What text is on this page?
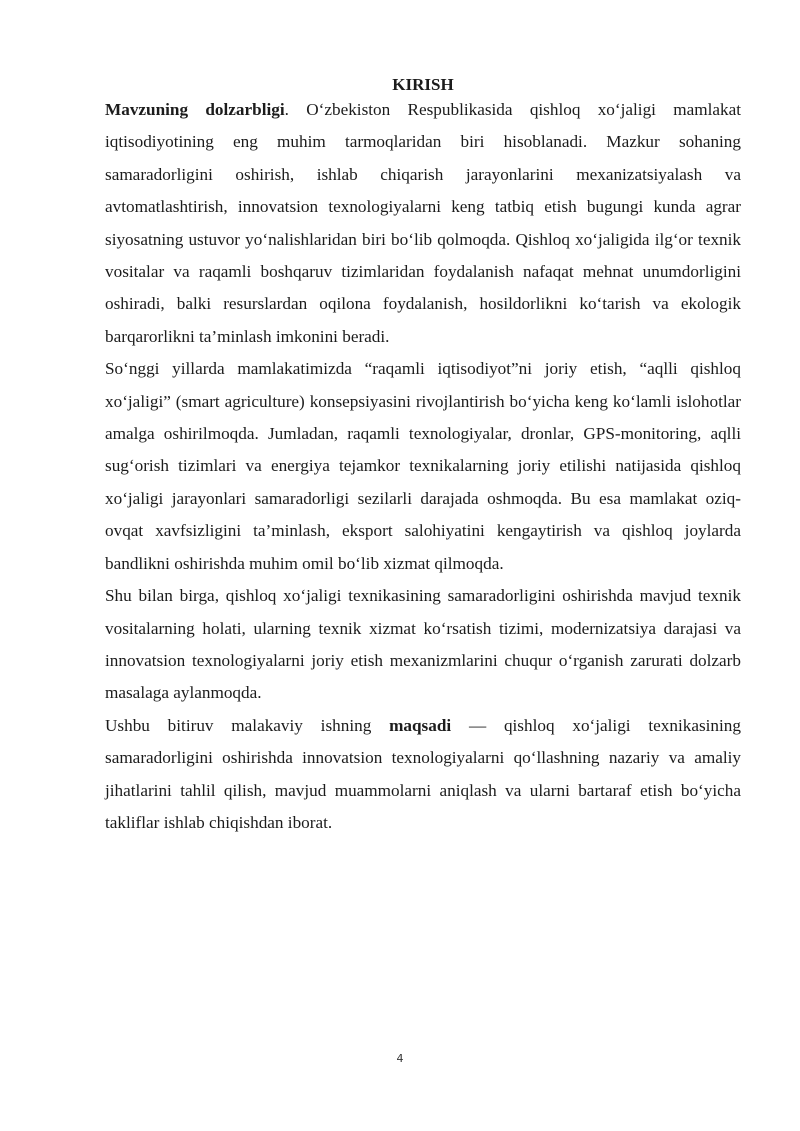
KIRISH

Mavzuning dolzarbligi. O‘zbekiston Respublikasida qishloq xo‘jaligi mamlakat iqtisodiyotining eng muhim tarmoqlaridan biri hisoblanadi. Mazkur sohaning samaradorligini oshirish, ishlab chiqarish jarayonlarini mexanizatsiyalash va avtomatlashtirish, innovatsion texnologiyalarni keng tatbiq etish bugungi kunda agrar siyosatning ustuvor yo‘nalishlaridan biri bo‘lib qolmoqda. Qishloq xo‘jaligida ilg‘or texnik vositalar va raqamli boshqaruv tizimlaridan foydalanish nafaqat mehnat unumdorligini oshiradi, balki resurslardan oqilona foydalanish, hosildorlikni ko‘tarish va ekologik barqarorlikni ta’minlash imkonini beradi.

So‘nggi yillarda mamlakatimizda “raqamli iqtisodiyot”ni joriy etish, “aqlli qishloq xo‘jaligi” (smart agriculture) konsepsiyasini rivojlantirish bo‘yicha keng ko‘lamli islohotlar amalga oshirilmoqda. Jumladan, raqamli texnologiyalar, dronlar, GPS-monitoring, aqlli sug‘orish tizimlari va energiya tejamkor texnikalarning joriy etilishi natijasida qishloq xo‘jaligi jarayonlari samaradorligi sezilarli darajada oshmoqda. Bu esa mamlakat oziq-ovqat xavfsizligini ta’minlash, eksport salohiyatini kengaytirish va qishloq joylarda bandlikni oshirishda muhim omil bo‘lib xizmat qilmoqda.

Shu bilan birga, qishloq xo‘jaligi texnikasining samaradorligini oshirishda mavjud texnik vositalarning holati, ularning texnik xizmat ko‘rsatish tizimi, modernizatsiya darajasi va innovatsion texnologiyalarni joriy etish mexanizmlarini chuqur o‘rganish zarurati dolzarb masalaga aylanmoqda.

Ushbu bitiruv malakaviy ishning maqsadi — qishloq xo‘jaligi texnikasining samaradorligini oshirishda innovatsion texnologiyalarni qo‘llashning nazariy va amaliy jihatlarini tahlil qilish, mavjud muammolarni aniqlash va ularni bartaraf etish bo‘yicha takliflar ishlab chiqishdan iborat.

4
